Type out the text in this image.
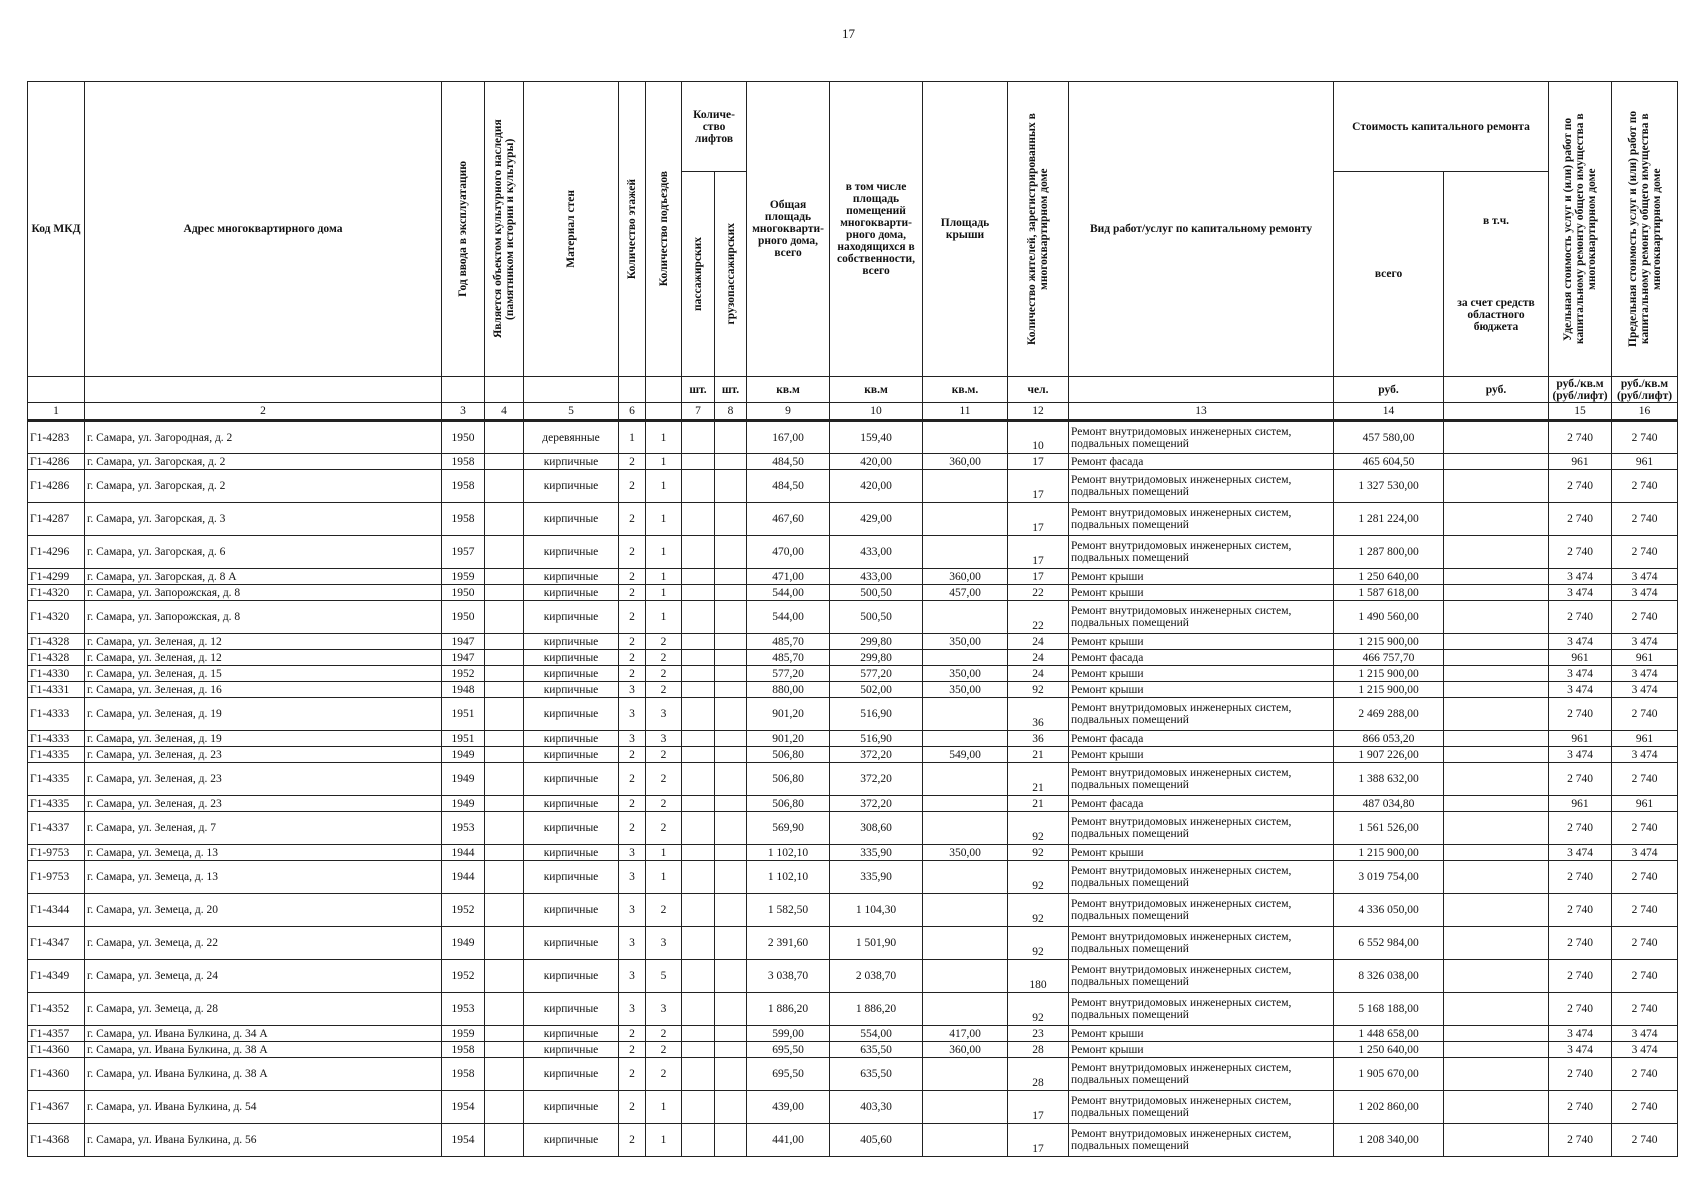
17
Код МКД	Адрес многоквартирного дома	Год ввода в эксплуатацию	Является объектом культурного наследия (памятником истории и культуры)	Материал стен	Количество этажей	Количество подъездов	Количе-ство лифтов		Общая площадь многокварти-рного дома, всего	в том числе площадь помещений многокварти-рного дома, находящихся в собственности, всего	Площадь крыши	Количество жителей, зарегистрированных в многоквартирном доме	Вид работ/услуг по капитальному ремонту	Стоимость капитального ремонта		Удельная стоимость услуг и (или) работ по капитальному ремонту общего имущества в многоквартирном доме	Предельная стоимость услуг и (или) работ по капитальному ремонту общего имущества в многоквартирном доме

							пассажирских	грузопассажирских						всего	в т.ч.
за счет средств областного бюджета		

							шт.	шт.	кв.м	кв.м	кв.м.	чел.		руб.	руб.	руб./кв.м (руб/лифт)	руб./кв.м (руб/лифт)
1	2	3	4	5	6		7	8	9	10	11	12	13	14		15	16
Г1-4283	г. Самара, ул. Загородная, д. 2	1950		деревянные	1	1			167,00	159,40		10	Ремонт внутридомовых инженерных систем, подвальных помещений	457 580,00		2 740	2 740
Г1-4286	г. Самара, ул. Загорская, д. 2	1958		кирпичные	2	1			484,50	420,00	360,00	17	Ремонт фасада	465 604,50		961	961
Г1-4286	г. Самара, ул. Загорская, д. 2	1958		кирпичные	2	1			484,50	420,00		17	Ремонт внутридомовых инженерных систем, подвальных помещений	1 327 530,00		2 740	2 740
Г1-4287	г. Самара, ул. Загорская, д. 3	1958		кирпичные	2	1			467,60	429,00		17	Ремонт внутридомовых инженерных систем, подвальных помещений	1 281 224,00		2 740	2 740
Г1-4296	г. Самара, ул. Загорская, д. 6	1957		кирпичные	2	1			470,00	433,00		17	Ремонт внутридомовых инженерных систем, подвальных помещений	1 287 800,00		2 740	2 740
Г1-4299	г. Самара, ул. Загорская, д. 8 А	1959		кирпичные	2	1			471,00	433,00	360,00	17	Ремонт крыши	1 250 640,00		3 474	3 474
Г1-4320	г. Самара, ул. Запорожская, д. 8	1950		кирпичные	2	1			544,00	500,50	457,00	22	Ремонт крыши	1 587 618,00		3 474	3 474
Г1-4320	г. Самара, ул. Запорожская, д. 8	1950		кирпичные	2	1			544,00	500,50		22	Ремонт внутридомовых инженерных систем, подвальных помещений	1 490 560,00		2 740	2 740
Г1-4328	г. Самара, ул. Зеленая, д. 12	1947		кирпичные	2	2			485,70	299,80	350,00	24	Ремонт крыши	1 215 900,00		3 474	3 474
Г1-4328	г. Самара, ул. Зеленая, д. 12	1947		кирпичные	2	2			485,70	299,80		24	Ремонт фасада	466 757,70		961	961
Г1-4330	г. Самара, ул. Зеленая, д. 15	1952		кирпичные	2	2			577,20	577,20	350,00	24	Ремонт крыши	1 215 900,00		3 474	3 474
Г1-4331	г. Самара, ул. Зеленая, д. 16	1948		кирпичные	3	2			880,00	502,00	350,00	92	Ремонт крыши	1 215 900,00		3 474	3 474
Г1-4333	г. Самара, ул. Зеленая, д. 19	1951		кирпичные	3	3			901,20	516,90		36	Ремонт внутридомовых инженерных систем, подвальных помещений	2 469 288,00		2 740	2 740
Г1-4333	г. Самара, ул. Зеленая, д. 19	1951		кирпичные	3	3			901,20	516,90		36	Ремонт фасада	866 053,20		961	961
Г1-4335	г. Самара, ул. Зеленая, д. 23	1949		кирпичные	2	2			506,80	372,20	549,00	21	Ремонт крыши	1 907 226,00		3 474	3 474
Г1-4335	г. Самара, ул. Зеленая, д. 23	1949		кирпичные	2	2			506,80	372,20		21	Ремонт внутридомовых инженерных систем, подвальных помещений	1 388 632,00		2 740	2 740
Г1-4335	г. Самара, ул. Зеленая, д. 23	1949		кирпичные	2	2			506,80	372,20		21	Ремонт фасада	487 034,80		961	961
Г1-4337	г. Самара, ул. Зеленая, д. 7	1953		кирпичные	2	2			569,90	308,60		92	Ремонт внутридомовых инженерных систем, подвальных помещений	1 561 526,00		2 740	2 740
Г1-9753	г. Самара, ул. Земеца, д. 13	1944		кирпичные	3	1			1 102,10	335,90	350,00	92	Ремонт крыши	1 215 900,00		3 474	3 474
Г1-9753	г. Самара, ул. Земеца, д. 13	1944		кирпичные	3	1			1 102,10	335,90		92	Ремонт внутридомовых инженерных систем, подвальных помещений	3 019 754,00		2 740	2 740
Г1-4344	г. Самара, ул. Земеца, д. 20	1952		кирпичные	3	2			1 582,50	1 104,30		92	Ремонт внутридомовых инженерных систем, подвальных помещений	4 336 050,00		2 740	2 740
Г1-4347	г. Самара, ул. Земеца, д. 22	1949		кирпичные	3	3			2 391,60	1 501,90		92	Ремонт внутридомовых инженерных систем, подвальных помещений	6 552 984,00		2 740	2 740
Г1-4349	г. Самара, ул. Земеца, д. 24	1952		кирпичные	3	5			3 038,70	2 038,70		180	Ремонт внутридомовых инженерных систем, подвальных помещений	8 326 038,00		2 740	2 740
Г1-4352	г. Самара, ул. Земеца, д. 28	1953		кирпичные	3	3			1 886,20	1 886,20		92	Ремонт внутридомовых инженерных систем, подвальных помещений	5 168 188,00		2 740	2 740
Г1-4357	г. Самара, ул. Ивана Булкина, д. 34 А	1959		кирпичные	2	2			599,00	554,00	417,00	23	Ремонт крыши	1 448 658,00		3 474	3 474
Г1-4360	г. Самара, ул. Ивана Булкина, д. 38 А	1958		кирпичные	2	2			695,50	635,50	360,00	28	Ремонт крыши	1 250 640,00		3 474	3 474
Г1-4360	г. Самара, ул. Ивана Булкина, д. 38 А	1958		кирпичные	2	2			695,50	635,50		28	Ремонт внутридомовых инженерных систем, подвальных помещений	1 905 670,00		2 740	2 740
Г1-4367	г. Самара, ул. Ивана Булкина, д. 54	1954		кирпичные	2	1			439,00	403,30		17	Ремонт внутридомовых инженерных систем, подвальных помещений	1 202 860,00		2 740	2 740
Г1-4368	г. Самара, ул. Ивана Булкина, д. 56	1954		кирпичные	2	1			441,00	405,60		17	Ремонт внутридомовых инженерных систем, подвальных помещений	1 208 340,00		2 740	2 740
